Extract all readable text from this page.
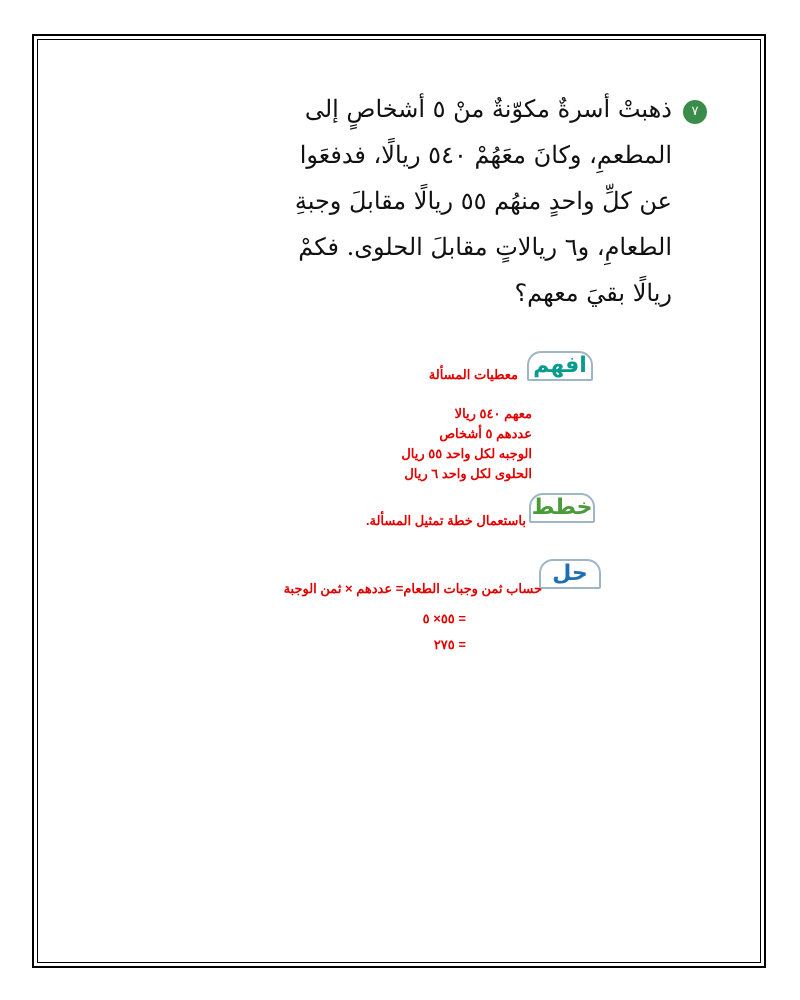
٧
ذهبتْ أسرةٌ مكوّنةٌ منْ ٥ أشخاصٍ إلى
المطعمِ، وكانَ معَهُمْ ٥٤٠ ريالًا، فدفعَوا
عن كلِّ واحدٍ منهُم ٥٥ ريالًا مقابلَ وجبةِ
الطعامِ، و٦ ريالاتٍ مقابلَ الحلوى. فكمْ
ريالًا بقيَ معهم؟
افهم
معطيات المسألة
معهم ٥٤٠ ريالا
عددهم ٥ أشخاص
الوجبه لكل واحد ٥٥ ريال
الحلوى لكل واحد ٦ ريال
خطط
باستعمال خطة تمثيل المسألة.
حل
حساب ثمن وجبات الطعام= عددهم × ثمن الوجبة
= ٥٥× ٥
= ٢٧٥
